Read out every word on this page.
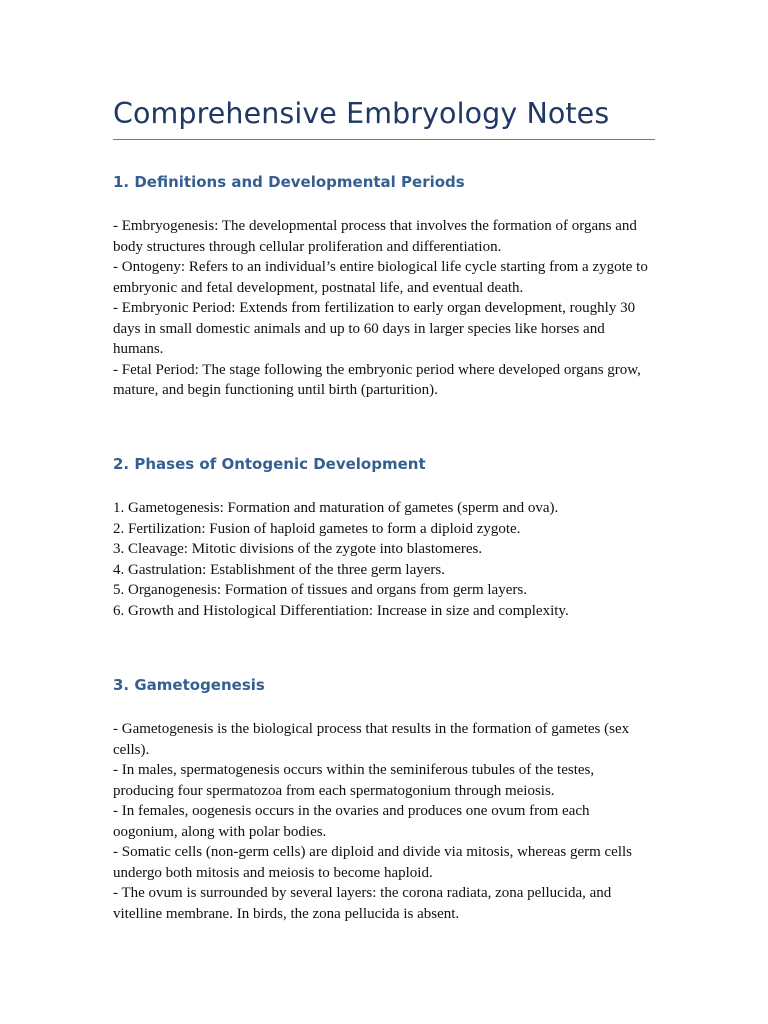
Comprehensive Embryology Notes
1. Definitions and Developmental Periods
- Embryogenesis: The developmental process that involves the formation of organs and body structures through cellular proliferation and differentiation.
- Ontogeny: Refers to an individual’s entire biological life cycle starting from a zygote to embryonic and fetal development, postnatal life, and eventual death.
- Embryonic Period: Extends from fertilization to early organ development, roughly 30 days in small domestic animals and up to 60 days in larger species like horses and humans.
- Fetal Period: The stage following the embryonic period where developed organs grow, mature, and begin functioning until birth (parturition).
2. Phases of Ontogenic Development
1. Gametogenesis: Formation and maturation of gametes (sperm and ova).
2. Fertilization: Fusion of haploid gametes to form a diploid zygote.
3. Cleavage: Mitotic divisions of the zygote into blastomeres.
4. Gastrulation: Establishment of the three germ layers.
5. Organogenesis: Formation of tissues and organs from germ layers.
6. Growth and Histological Differentiation: Increase in size and complexity.
3. Gametogenesis
- Gametogenesis is the biological process that results in the formation of gametes (sex cells).
- In males, spermatogenesis occurs within the seminiferous tubules of the testes, producing four spermatozoa from each spermatogonium through meiosis.
- In females, oogenesis occurs in the ovaries and produces one ovum from each oogonium, along with polar bodies.
- Somatic cells (non-germ cells) are diploid and divide via mitosis, whereas germ cells undergo both mitosis and meiosis to become haploid.
- The ovum is surrounded by several layers: the corona radiata, zona pellucida, and vitelline membrane. In birds, the zona pellucida is absent.
